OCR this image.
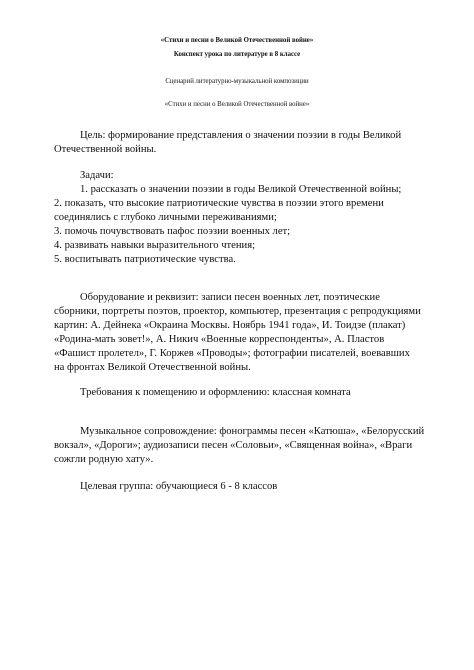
«Стихи и песни о Великой Отечественной войне»
Конспект урока по литературе в 8 классе
Сценарий литературно-музыкальной композиции
«Стихи и песни о Великой Отечественной войне»
Цель: формирование представления о значении поэзии в годы Великой
Отечественной войны.
Задачи:
1. рассказать о значении поэзии в годы Великой Отечественной войны;
2. показать, что высокие патриотические чувства в поэзии этого времени
соединялись с глубоко личными переживаниями;
3. помочь почувствовать пафос поэзии военных лет;
4. развивать навыки выразительного чтения;
5. воспитывать патриотические чувства.
Оборудование и реквизит: записи песен военных лет, поэтические
сборники, портреты поэтов, проектор, компьютер, презентация с репродукциями
картин: А. Дейнека «Окраина Москвы. Ноябрь 1941 года», И. Тоидзе (плакат)
«Родина-мать зовет!», А. Никич «Военные корреспонденты», А. Пластов
«Фашист пролетел», Г. Коржев «Проводы»; фотографии писателей, воевавших
на фронтах Великой Отечественной войны.
Требования к помещению и оформлению: классная комната
Музыкальное сопровождение: фонограммы песен «Катюша», «Белорусский
вокзал», «Дороги»; аудиозаписи песен «Соловьи», «Священная война», «Враги
сожгли родную хату».
Целевая группа: обучающиеся 6 - 8 классов
